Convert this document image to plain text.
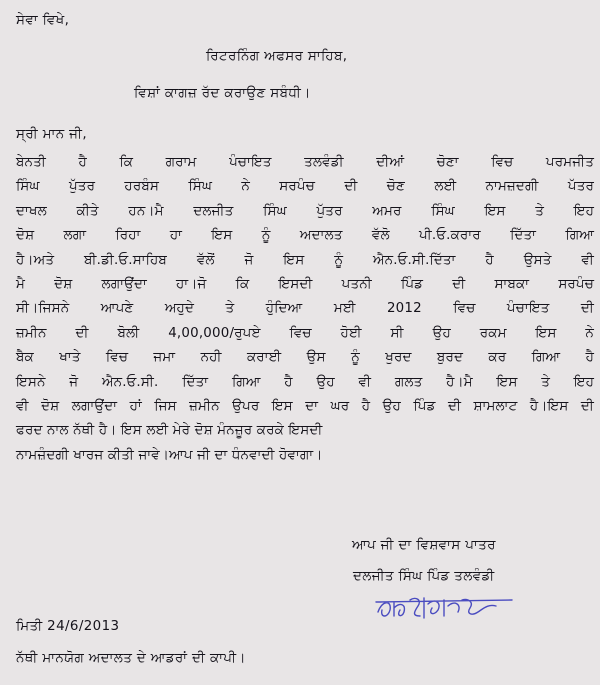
ਸੇਵਾ ਵਿਖੇ,
ਰਿਟਰਨਿੰਗ ਅਫਸਰ ਸਾਹਿਬ,
ਵਿਸ਼ਾਂ ਕਾਗਜ਼ ਰੱਦ ਕਰਾਉਣ ਸਬੰਧੀ।
ਸ੍ਰੀ ਮਾਨ ਜੀ,
ਬੇਨਤੀ ਹੈ ਕਿ ਗਰਾਮ ਪੰਚਾਇਤ ਤਲਵੰਡੀ ਦੀਆਂ ਚੋਣਾ ਵਿਚ ਪਰਮਜੀਤ
ਸਿੰਘ ਪੁੱਤਰ ਹਰਬੰਸ ਸਿੰਘ ਨੇ ਸਰਪੰਚ ਦੀ ਚੋਣ ਲਈ ਨਾਮਜ਼ਦਗੀ ਪੱਤਰ
ਦਾਖਲ ਕੀਤੇ ਹਨ।ਮੈ ਦਲਜੀਤ ਸਿੰਘ ਪੁੱਤਰ ਅਮਰ ਸਿੰਘ ਇਸ ਤੇ ਇਹ
ਦੋਸ਼ ਲਗਾ ਰਿਹਾ ਹਾ ਇਸ ਨੂੰ ਅਦਾਲਤ ਵੱਲੋ ਪੀ.ਓ.ਕਰਾਰ ਦਿੱਤਾ ਗਿਆ
ਹੈ।ਅਤੇ ਬੀ.ਡੀ.ਓ.ਸਾਹਿਬ ਵੱਲੋਂ ਜੋ ਇਸ ਨੂੰ ਐਨ.ਓ.ਸੀ.ਦਿੱਤਾ ਹੈ ਉਸਤੇ ਵੀ
ਮੈ ਦੋਸ਼ ਲਗਾਉਂਦਾ ਹਾ।ਜੋ ਕਿ ਇਸਦੀ ਪਤਨੀ ਪਿੰਡ ਦੀ ਸਾਬਕਾ ਸਰਪੰਚ
ਸੀ।ਜਿਸਨੇ ਆਪਣੇ ਅਹੁਦੇ ਤੇ ਹੁੰਦਿਆ ਮਈ 2012 ਵਿਚ ਪੰਚਾਇਤ ਦੀ
ਜ਼ਮੀਨ ਦੀ ਬੋਲੀ 4,00,000/ਰੁਪਏ ਵਿਚ ਹੋਈ ਸੀ ਉਹ ਰਕਮ ਇਸ ਨੇ
ਬੈਕ ਖਾਤੇ ਵਿਚ ਜਮਾ ਨਹੀ ਕਰਾਈ ਉਸ ਨੂੰ ਖੁਰਦ ਬੁਰਦ ਕਰ ਗਿਆ ਹੈ
ਇਸਨੇ ਜੋ ਐਨ.ਓ.ਸੀ. ਦਿੱਤਾ ਗਿਆ ਹੈ ਉਹ ਵੀ ਗਲਤ ਹੈ।ਮੈ ਇਸ ਤੇ ਇਹ
ਵੀ ਦੋਸ਼ ਲਗਾਉਂਦਾ ਹਾਂ ਜਿਸ ਜ਼ਮੀਨ ਉਪਰ ਇਸ ਦਾ ਘਰ ਹੈ ਉਹ ਪਿੰਡ ਦੀ ਸ਼ਾਮਲਾਟ ਹੈ।ਇਸ ਦੀ
ਫਰਦ ਨਾਲ ਨੱਥੀ ਹੈ। ਇਸ ਲਈ ਮੇਰੇ ਦੋਸ਼ ਮੰਨਜ਼ੂਰ ਕਰਕੇ ਇਸਦੀ
ਨਾਮਜ਼ੰਦਗੀ ਖਾਰਜ ਕੀਤੀ ਜਾਵੇ।ਆਪ ਜੀ ਦਾ ਧੰਨਵਾਦੀ ਹੋਵਾਗਾ।
ਆਪ ਜੀ ਦਾ ਵਿਸ਼ਵਾਸ ਪਾਤਰ
ਦਲਜੀਤ ਸਿੰਘ ਪਿੰਡ ਤਲਵੰਡੀ
ਮਿਤੀ 24/6/2013
ਨੱਥੀ ਮਾਨਯੋਗ ਅਦਾਲਤ ਦੇ ਆਡਰਾਂ ਦੀ ਕਾਪੀ।
